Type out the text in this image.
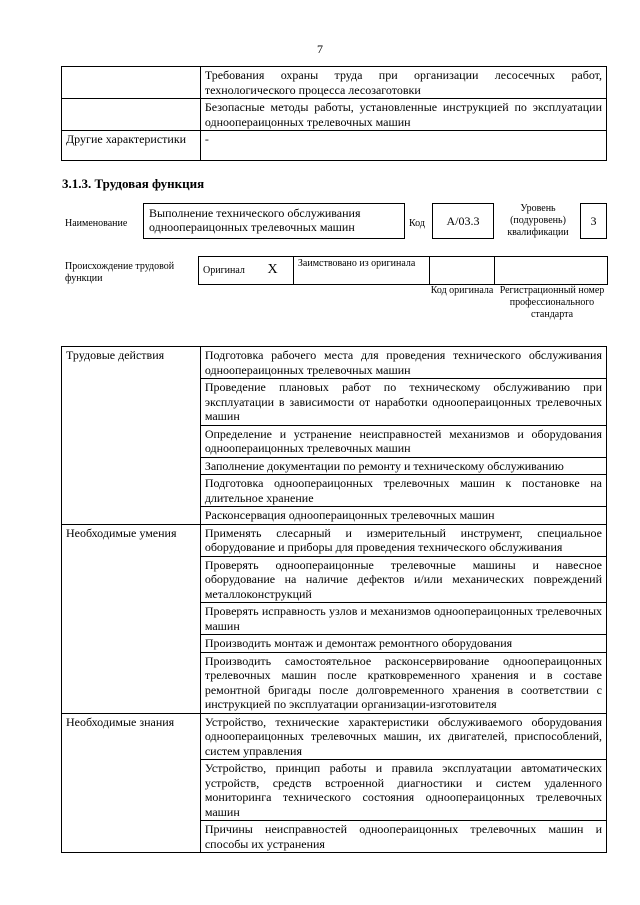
7
	Требования охраны труда при организации лесосечных работ, технологического процесса лесозаготовки
	Безопасные методы работы, установленные инструкцией по эксплуатации одноопераицонных трелевочных машин
Другие характеристики	-
3.1.3. Трудовая функция
Наименование
Выполнение технического обслуживания одноопераицонных трелевочных машин	Код	А/03.3
Уровень (подуровень) квалификации
3
Происхождение трудовой функции
Оригинал	X	Заимствовано из оригинала		
Код оригинала Регистрационный номер профессионального стандарта
Трудовые действия	Подготовка рабочего места для проведения технического обслуживания одноопераицонных трелевочных машин
	Проведение плановых работ по техническому обслуживанию при эксплуатации в зависимости от наработки одноопераицонных трелевочных машин
	Определение и устранение неисправностей механизмов и оборудования одноопераицонных трелевочных машин
	Заполнение документации по ремонту и техническому обслуживанию
	Подготовка одноопераицонных трелевочных машин к постановке на длительное хранение
	Расконсервация одноопераицонных трелевочных машин
Необходимые умения	Применять слесарный и измерительный инструмент, специальное оборудование и приборы для проведения технического обслуживания
	Проверять одноопераицонные трелевочные машины и навесное оборудование на наличие дефектов и/или механических повреждений металлоконструкций
	Проверять исправность узлов и механизмов одноопераицонных трелевочных машин
	Производить монтаж и демонтаж ремонтного оборудования
	Производить самостоятельное расконсервирование одноопераицонных трелевочных машин после кратковременного хранения и в составе ремонтной бригады после долговременного хранения в соответствии с инструкцией по эксплуатации организации-изготовителя
Необходимые знания	Устройство, технические характеристики обслуживаемого оборудования одноопераицонных трелевочных машин, их двигателей, приспособлений, систем управления
	Устройство, принцип работы и правила эксплуатации автоматических устройств, средств встроенной диагностики и систем удаленного мониторинга технического состояния одноопераицонных трелевочных машин
	Причины неисправностей одноопераицонных трелевочных машин и способы их устранения
